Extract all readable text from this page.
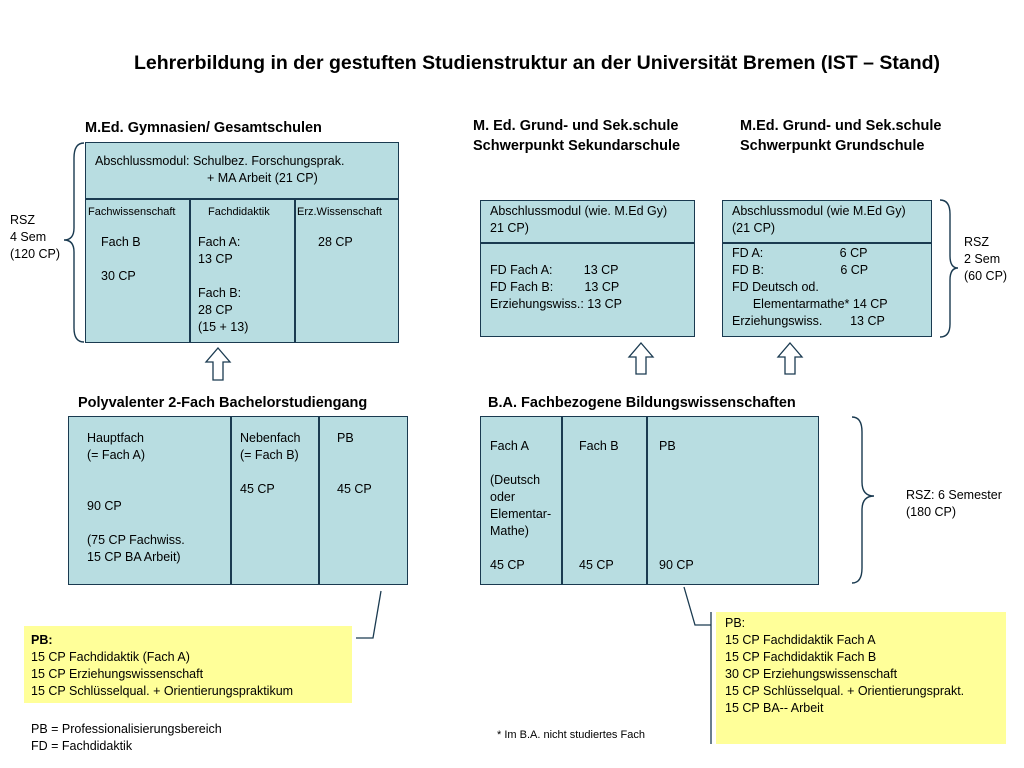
Lehrerbildung in der gestuften Studienstruktur an der Universität Bremen (IST – Stand)
M.Ed. Gymnasien/ Gesamtschulen
Abschlussmodul: Schulbez. Forschungsprak.
+ MA Arbeit (21 CP)
Fachwissenschaft	Fachdidaktik Erz.Wissenschaft
Fach B

30 CP
Fach A:
13 CP

Fach B:
28 CP
(15 + 13)
28 CP
RSZ
4 Sem
(120 CP)
M. Ed. Grund- und Sek.schule
Schwerpunkt Sekundarschule
Abschlussmodul (wie. M.Ed Gy)
21 CP)
FD Fach A:         13 CP
FD Fach B:         13 CP
Erziehungswiss.: 13 CP
M.Ed. Grund- und Sek.schule
Schwerpunkt Grundschule
Abschlussmodul (wie M.Ed Gy)
(21 CP)
FD A:                      6 CP
FD B:                      6 CP
FD Deutsch od.
Elementarmathe* 14 CP
Erziehungswiss.        13 CP
RSZ
2 Sem
(60 CP)
Polyvalenter 2-Fach Bachelorstudiengang
Hauptfach
(= Fach A)

90 CP

(75 CP Fachwiss.
15 CP BA Arbeit)
Nebenfach
(= Fach B)

45 CP
PB

45 CP
B.A. Fachbezogene Bildungswissenschaften
Fach A

(Deutsch
oder
Elementar-
Mathe)

45 CP
Fach B

45 CP
PB

90 CP
RSZ: 6 Semester
(180 CP)
PB:
15 CP Fachdidaktik (Fach A)
15 CP Erziehungswissenschaft
15 CP Schlüsselqual. + Orientierungspraktikum
PB:
15 CP Fachdidaktik Fach A
15 CP Fachdidaktik Fach B
30 CP Erziehungswissenschaft
15 CP Schlüsselqual. + Orientierungsprakt.
15 CP BA-- Arbeit
PB = Professionalisierungsbereich
FD = Fachdidaktik
* Im B.A. nicht studiertes Fach
